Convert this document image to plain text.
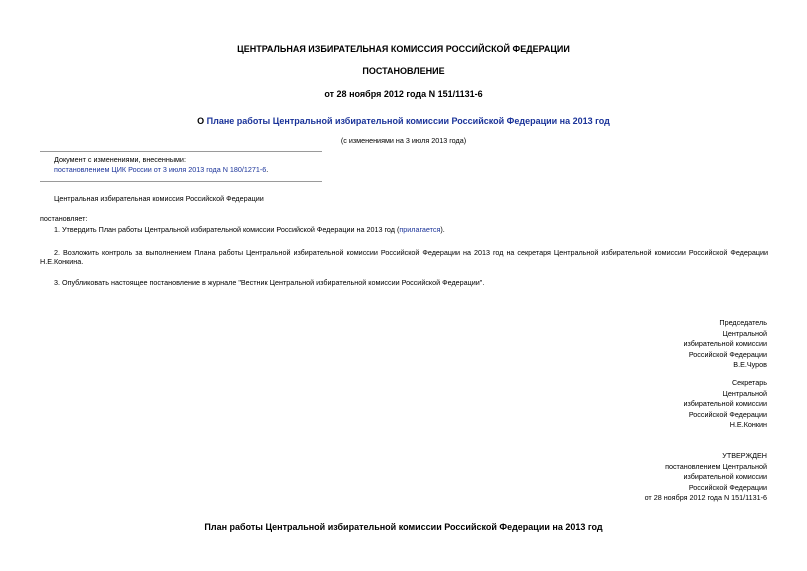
ЦЕНТРАЛЬНАЯ ИЗБИРАТЕЛЬНАЯ КОМИССИЯ РОССИЙСКОЙ ФЕДЕРАЦИИ
ПОСТАНОВЛЕНИЕ
от 28 ноября 2012 года N 151/1131-6
О Плане работы Центральной избирательной комиссии Российской Федерации на 2013 год
(с изменениями на 3 июля 2013 года)
Документ с изменениями, внесенными:
постановлением ЦИК России от 3 июля 2013 года N 180/1271-6.
Центральная избирательная комиссия Российской Федерации
постановляет:
1. Утвердить План работы Центральной избирательной комиссии Российской Федерации на 2013 год (прилагается).
2. Возложить контроль за выполнением Плана работы Центральной избирательной комиссии Российской Федерации на 2013 год на секретаря Центральной избирательной комиссии Российской Федерации Н.Е.Конкина.
3. Опубликовать настоящее постановление в журнале "Вестник Центральной избирательной комиссии Российской Федерации".
Председатель
Центральной
избирательной комиссии
Российской Федерации
В.Е.Чуров
Секретарь
Центральной
избирательной комиссии
Российской Федерации
Н.Е.Конкин
УТВЕРЖДЕН
постановлением Центральной
избирательной комиссии
Российской Федерации
от 28 ноября 2012 года N 151/1131-6
План работы Центральной избирательной комиссии Российской Федерации на 2013 год
